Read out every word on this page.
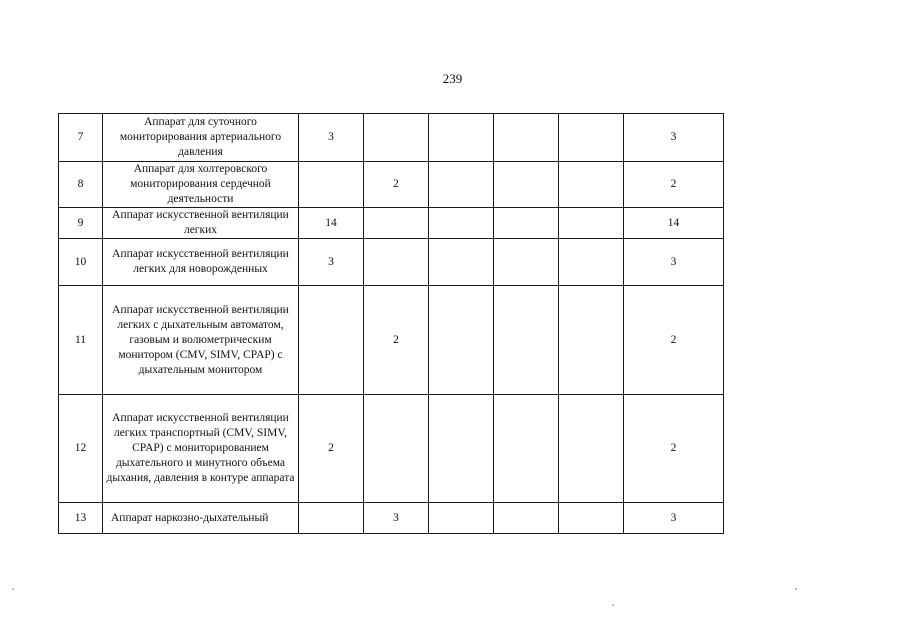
239
7	Аппарат для суточного мониторирования артериального давления	3					3
8	Аппарат для холтеровского мониторирования сердечной деятельности		2				2
9	Аппарат искусственной вентиляции легких	14					14
10	Аппарат искусственной вентиляции легких для новорожденных	3					3
11	Аппарат искусственной вентиляции легких с дыхательным автоматом, газовым и волюметрическим монитором (CMV, SIMV, CPAP) с дыхательным монитором		2				2
12	Аппарат искусственной вентиляции легких транспортный (CMV, SIMV, CPAP) с мониторированием дыхательного и минутного объема дыхания, давления в контуре аппарата	2					2
13	Аппарат наркозно-дыхательный		3				3
